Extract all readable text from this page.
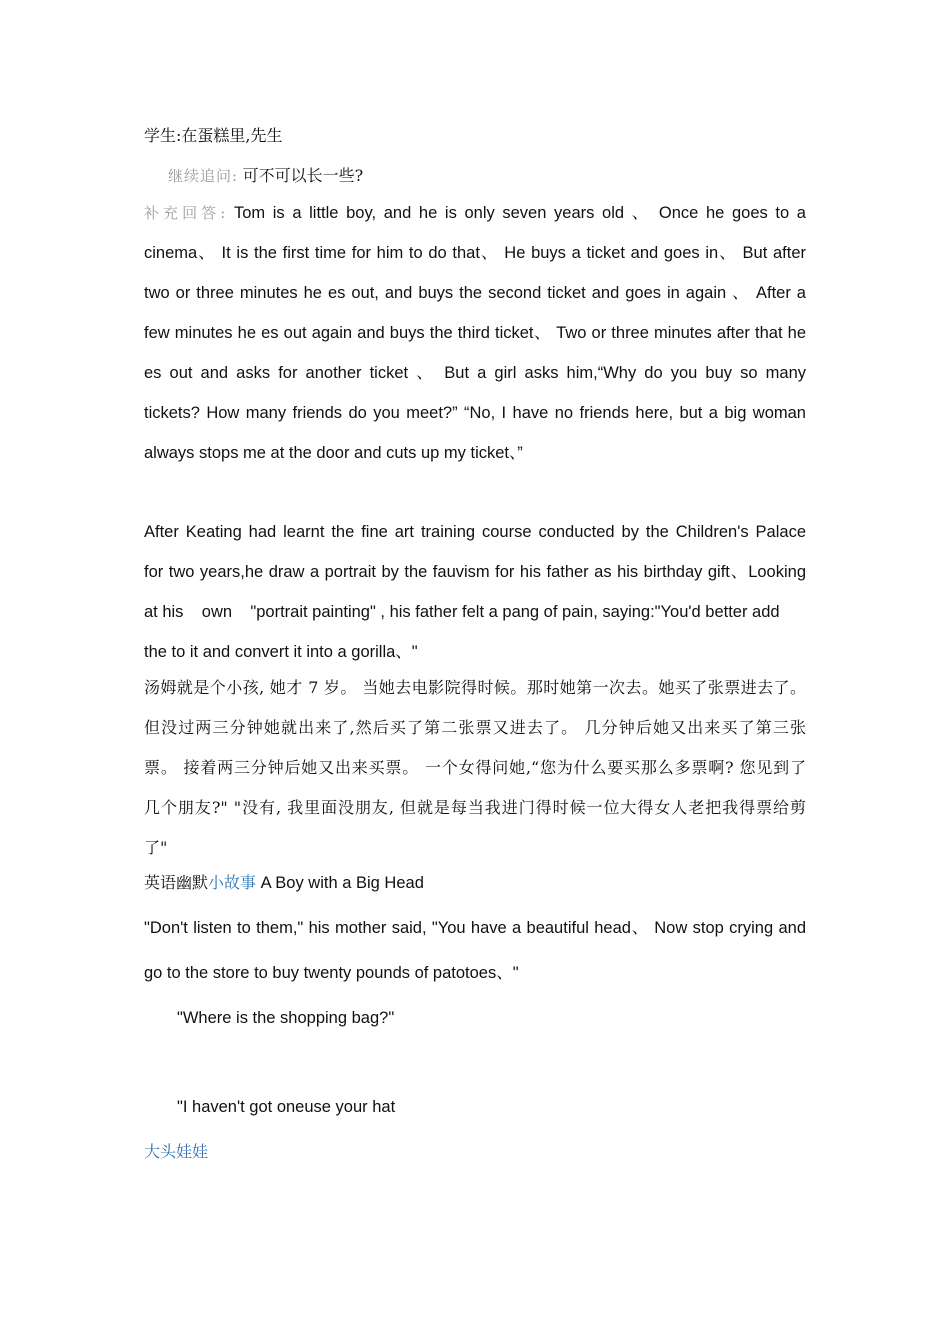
学生:在蛋糕里,先生
继续追问: 可不可以长一些?
补充回答: Tom is a little boy, and he is only seven years old 、 Once he goes to a
cinema、 It is the first time for him to do that、 He buys a ticket and goes in、 But after
two or three minutes he es out, and buys the second ticket and goes in again 、 After a
few minutes he es out again and buys the third ticket、 Two or three minutes after that he
es out and asks for another ticket 、 But a girl asks him,“Why do you buy so many
tickets? How many friends do you meet?” “No, I have no friends here, but a big woman
always stops me at the door and cuts up my ticket、”
After Keating had learnt the fine art training course conducted by the Children's Palace
for two years,he draw a portrait by the fauvism for his father as his birthday gift、Looking
at his    own    "portrait painting" , his father felt a pang of pain, saying:"You'd better add
the to it and convert it into a gorilla、"
汤姆就是个小孩, 她才 7 岁。 当她去电影院得时候。那时她第一次去。她买了张票进去了。
但没过两三分钟她就出来了,然后买了第二张票又进去了。 几分钟后她又出来买了第三张
票。 接着两三分钟后她又出来买票。 一个女得问她,“您为什么要买那么多票啊? 您见到了
几个朋友?" "没有, 我里面没朋友, 但就是每当我进门得时候一位大得女人老把我得票给剪
了"
英语幽默小故事 A Boy with a Big Head
"Don't listen to them," his mother said, "You have a beautiful head、 Now stop crying and
go to the store to buy twenty pounds of patotoes、"
"Where is the shopping bag?"
"I haven't got oneuse your hat
大头娃娃
